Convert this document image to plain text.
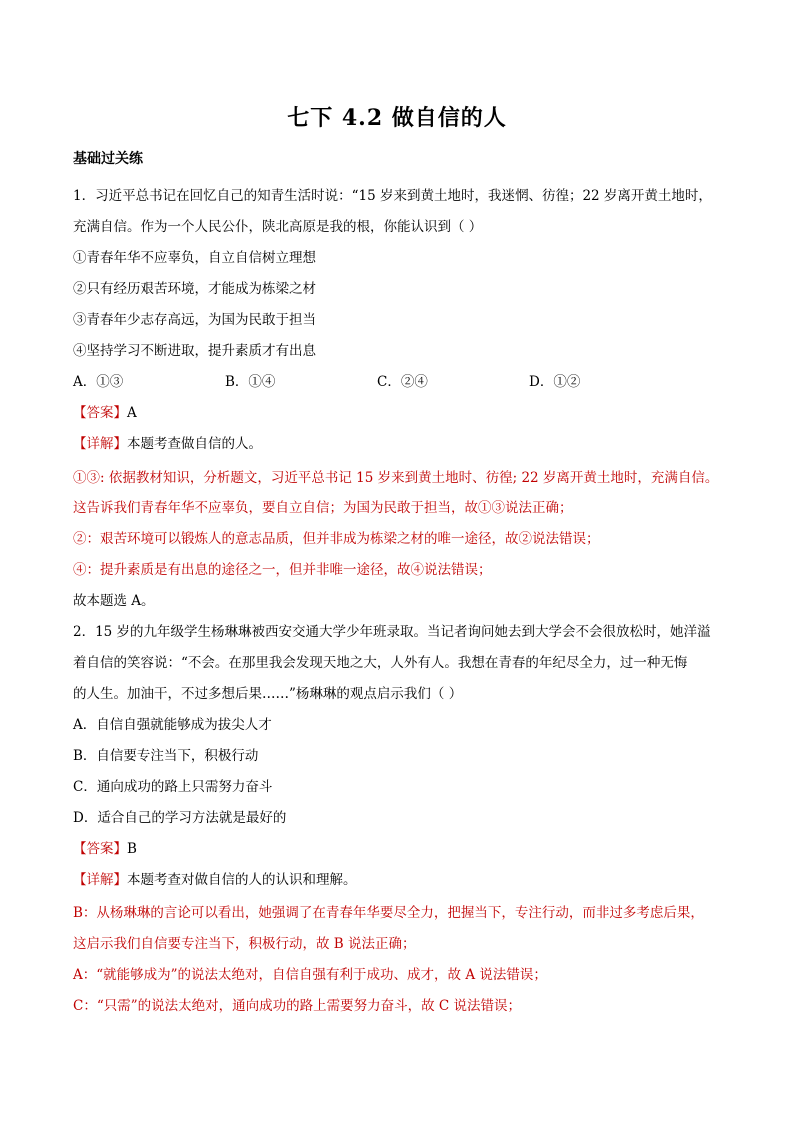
七下 4.2 做自信的人
基础过关练
1．习近平总书记在回忆自己的知青生活时说：“15 岁来到黄土地时，我迷惘、彷徨；22 岁离开黄土地时，
充满自信。作为一个人民公仆，陕北高原是我的根，你能认识到（ ）
①青春年华不应辜负，自立自信树立理想
②只有经历艰苦环境，才能成为栋梁之材
③青春年少志存高远，为国为民敢于担当
④坚持学习不断进取，提升素质才有出息
A．①③	B．①④	C．②④	D．①②
【答案】A
【详解】本题考查做自信的人。
①③: 依据教材知识，分析题文，习近平总书记 15 岁来到黄土地时、彷徨; 22 岁离开黄土地时，充满自信。
这告诉我们青春年华不应辜负，要自立自信；为国为民敢于担当，故①③说法正确；
②：艰苦环境可以锻炼人的意志品质，但并非成为栋梁之材的唯一途径，故②说法错误；
④：提升素质是有出息的途径之一，但并非唯一途径，故④说法错误；
故本题选 A。
2．15 岁的九年级学生杨琳琳被西安交通大学少年班录取。当记者询问她去到大学会不会很放松时，她洋溢
着自信的笑容说：“不会。在那里我会发现天地之大，人外有人。我想在青春的年纪尽全力，过一种无悔
的人生。加油干，不过多想后果……”杨琳琳的观点启示我们（ ）
A．自信自强就能够成为拔尖人才
B．自信要专注当下，积极行动
C．通向成功的路上只需努力奋斗
D．适合自己的学习方法就是最好的
【答案】B
【详解】本题考查对做自信的人的认识和理解。
B：从杨琳琳的言论可以看出，她强调了在青春年华要尽全力，把握当下，专注行动，而非过多考虑后果，
这启示我们自信要专注当下，积极行动，故 B 说法正确；
A：“就能够成为”的说法太绝对，自信自强有利于成功、成才，故 A 说法错误；
C：“只需”的说法太绝对，通向成功的路上需要努力奋斗，故 C 说法错误；
